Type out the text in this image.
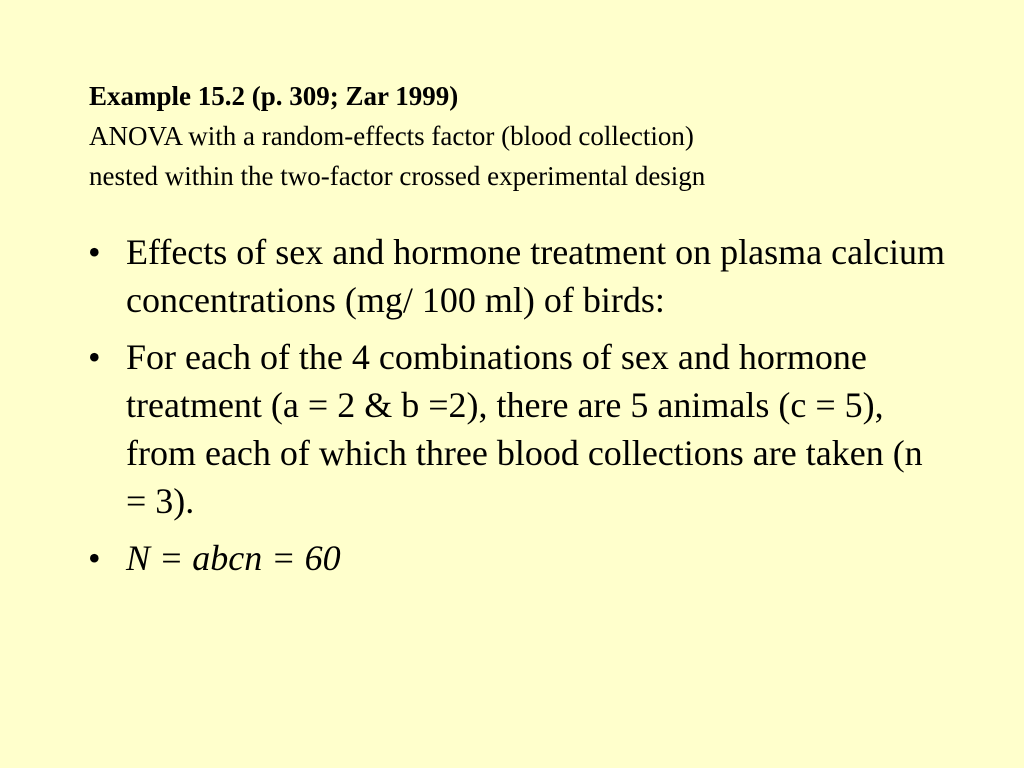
Example 15.2 (p. 309; Zar 1999)
ANOVA with a random-effects factor (blood collection)
nested within the two-factor crossed experimental design
• Effects of sex and hormone treatment on plasma calcium concentrations (mg/ 100 ml) of birds:
• For each of the 4 combinations of sex and hormone treatment (a = 2 & b =2), there are 5 animals (c = 5), from each of which three blood collections are taken (n = 3).
• N = abcn = 60
